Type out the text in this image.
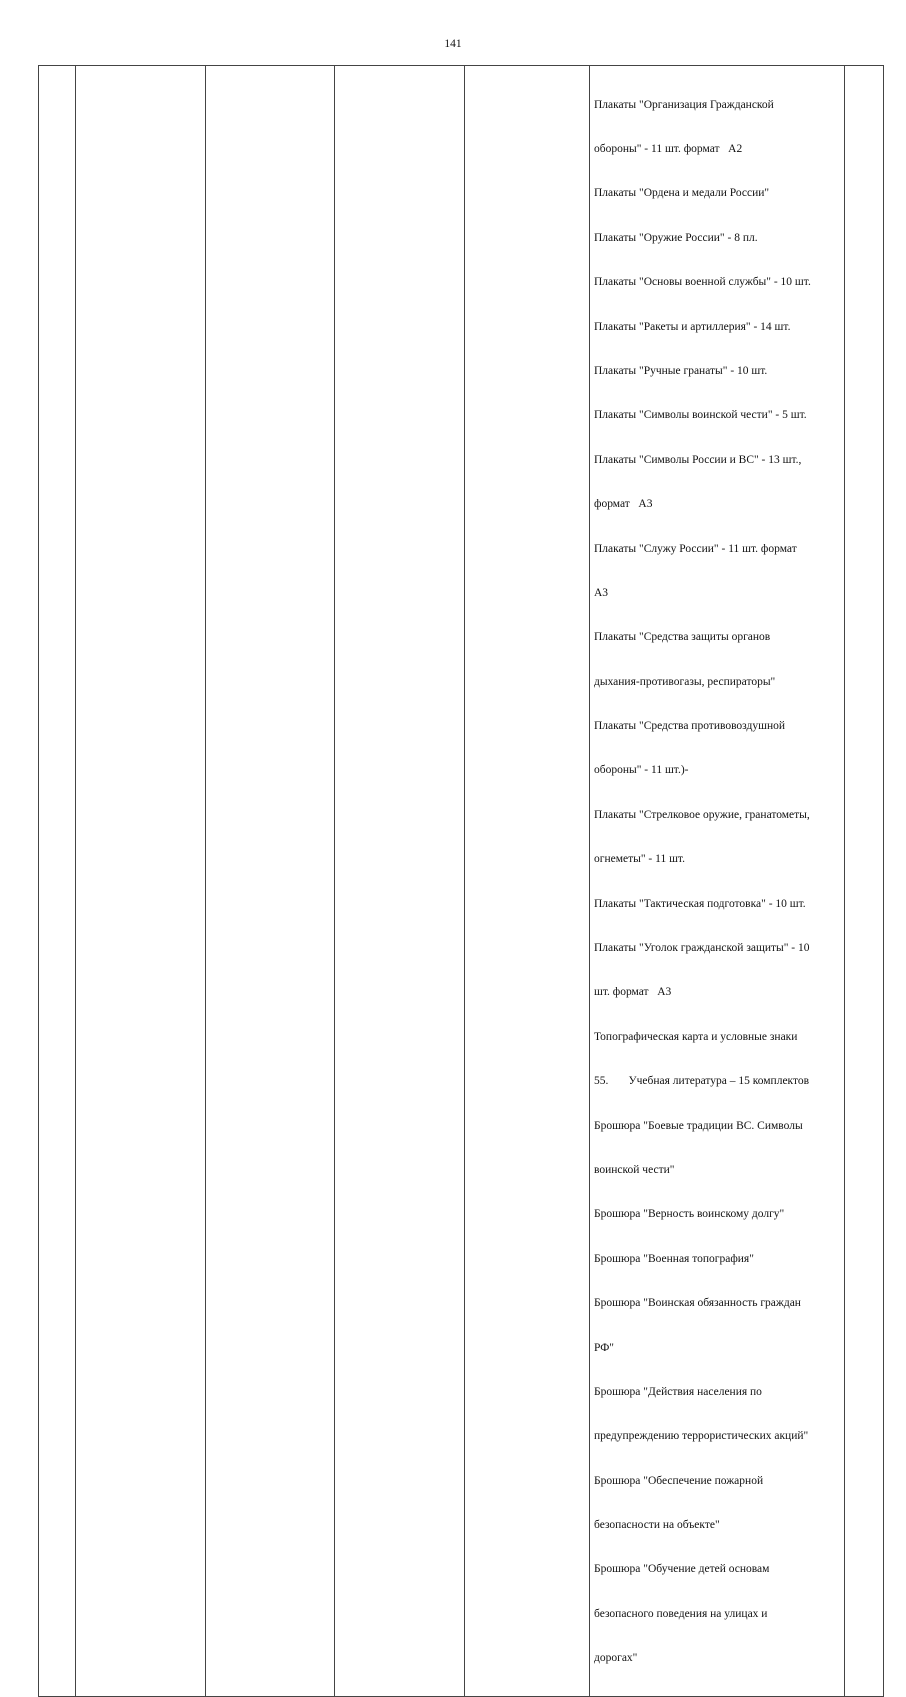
141

Плакаты "Организация Гражданской

обороны" - 11 шт. формат   А2

Плакаты "Ордена и медали России"

Плакаты "Оружие России" - 8 пл.

Плакаты "Основы военной службы" - 10 шт.

Плакаты "Ракеты и артиллерия" - 14 шт.

Плакаты "Ручные гранаты" - 10 шт.

Плакаты "Символы воинской чести" - 5 шт.

Плакаты "Символы России и ВС" - 13 шт.,

формат   А3

Плакаты "Служу России" - 11 шт. формат

А3

Плакаты "Средства защиты органов

дыхания-противогазы, респираторы"

Плакаты "Средства противовоздушной

обороны" - 11 шт.)-

Плакаты "Стрелковое оружие, гранатометы,

огнеметы" - 11 шт.

Плакаты "Тактическая подготовка" - 10 шт.

Плакаты "Уголок гражданской защиты" - 10

шт. формат   А3

Топографическая карта и условные знаки

55.       Учебная литература – 15 комплектов

Брошюра "Боевые традиции ВС. Символы

воинской чести"

Брошюра "Верность воинскому долгу"

Брошюра "Военная топография"

Брошюра "Воинская обязанность граждан

РФ"

Брошюра "Действия населения по

предупреждению террористических акций"

Брошюра "Обеспечение пожарной

безопасности на объекте"

Брошюра "Обучение детей основам

безопасного поведения на улицах и

дорогах"
